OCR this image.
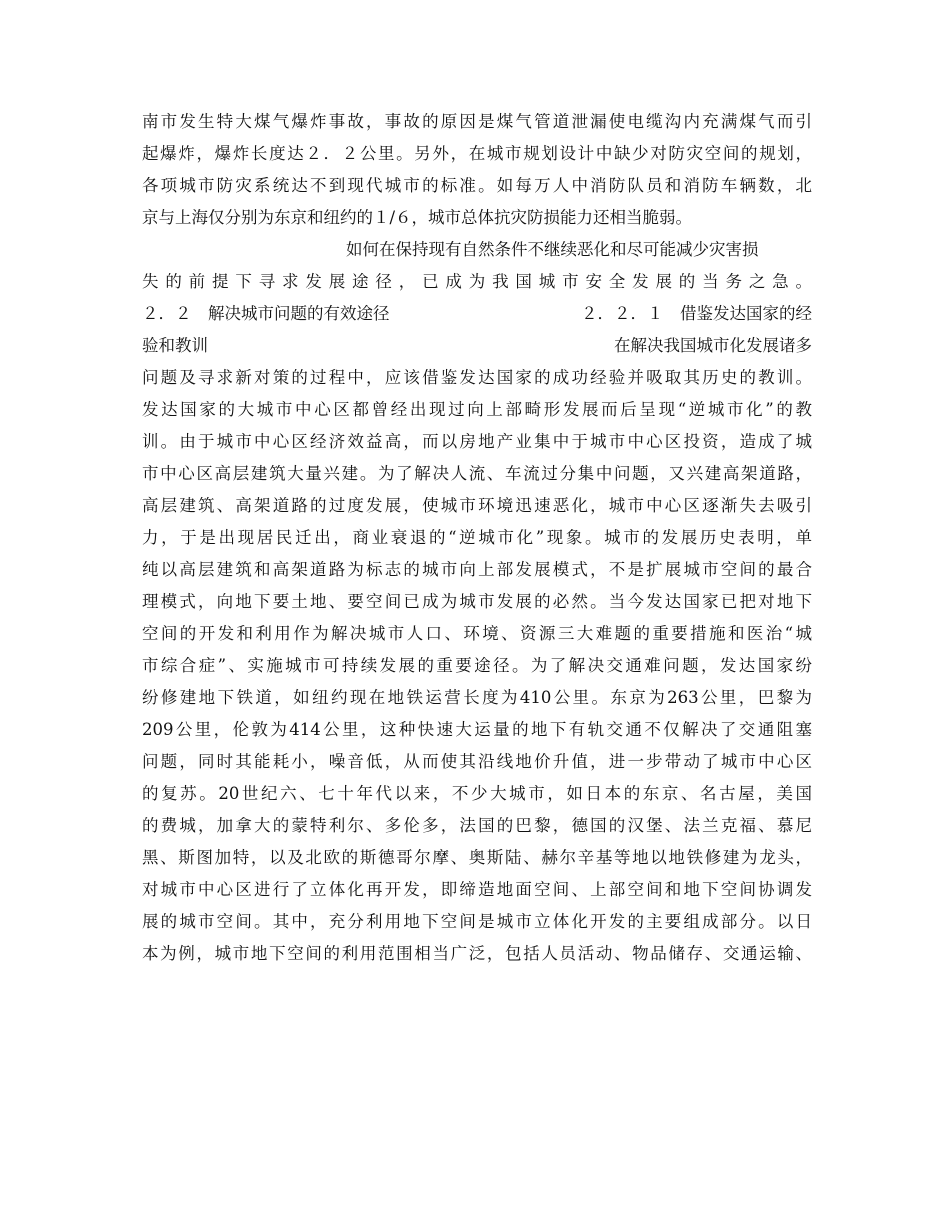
南市发生特大煤气爆炸事故，事故的原因是煤气管道泄漏使电缆沟内充满煤气而引
起爆炸，爆炸长度达２．２公里。另外，在城市规划设计中缺少对防灾空间的规划，
各项城市防灾系统达不到现代城市的标准。如每万人中消防队员和消防车辆数，北
京与上海仅分别为东京和纽约的１/６，城市总体抗灾防损能力还相当脆弱。
如何在保持现有自然条件不继续恶化和尽可能减少灾害损
失的前提下寻求发展途径，已成为我国城市安全发展的当务之急。
２．２　解决城市问题的有效途径	２．２．１　借鉴发达国家的经
验和教训	在解决我国城市化发展诸多
问题及寻求新对策的过程中，应该借鉴发达国家的成功经验并吸取其历史的教训。
发达国家的大城市中心区都曾经出现过向上部畸形发展而后呈现“逆城市化”的教
训。由于城市中心区经济效益高，而以房地产业集中于城市中心区投资，造成了城
市中心区高层建筑大量兴建。为了解决人流、车流过分集中问题，又兴建高架道路，
高层建筑、高架道路的过度发展，使城市环境迅速恶化，城市中心区逐渐失去吸引
力，于是出现居民迁出，商业衰退的“逆城市化”现象。城市的发展历史表明，单
纯以高层建筑和高架道路为标志的城市向上部发展模式，不是扩展城市空间的最合
理模式，向地下要土地、要空间已成为城市发展的必然。当今发达国家已把对地下
空间的开发和利用作为解决城市人口、环境、资源三大难题的重要措施和医治“城
市综合症”、实施城市可持续发展的重要途径。为了解决交通难问题，发达国家纷
纷修建地下铁道，如纽约现在地铁运营长度为410公里。东京为263公里，巴黎为
209公里，伦敦为414公里，这种快速大运量的地下有轨交通不仅解决了交通阻塞
问题，同时其能耗小，噪音低，从而使其沿线地价升值，进一步带动了城市中心区
的复苏。20世纪六、七十年代以来，不少大城市，如日本的东京、名古屋，美国
的费城，加拿大的蒙特利尔、多伦多，法国的巴黎，德国的汉堡、法兰克福、慕尼
黑、斯图加特，以及北欧的斯德哥尔摩、奥斯陆、赫尔辛基等地以地铁修建为龙头，
对城市中心区进行了立体化再开发，即缔造地面空间、上部空间和地下空间协调发
展的城市空间。其中，充分利用地下空间是城市立体化开发的主要组成部分。以日
本为例，城市地下空间的利用范围相当广泛，包括人员活动、物品储存、交通运输、
